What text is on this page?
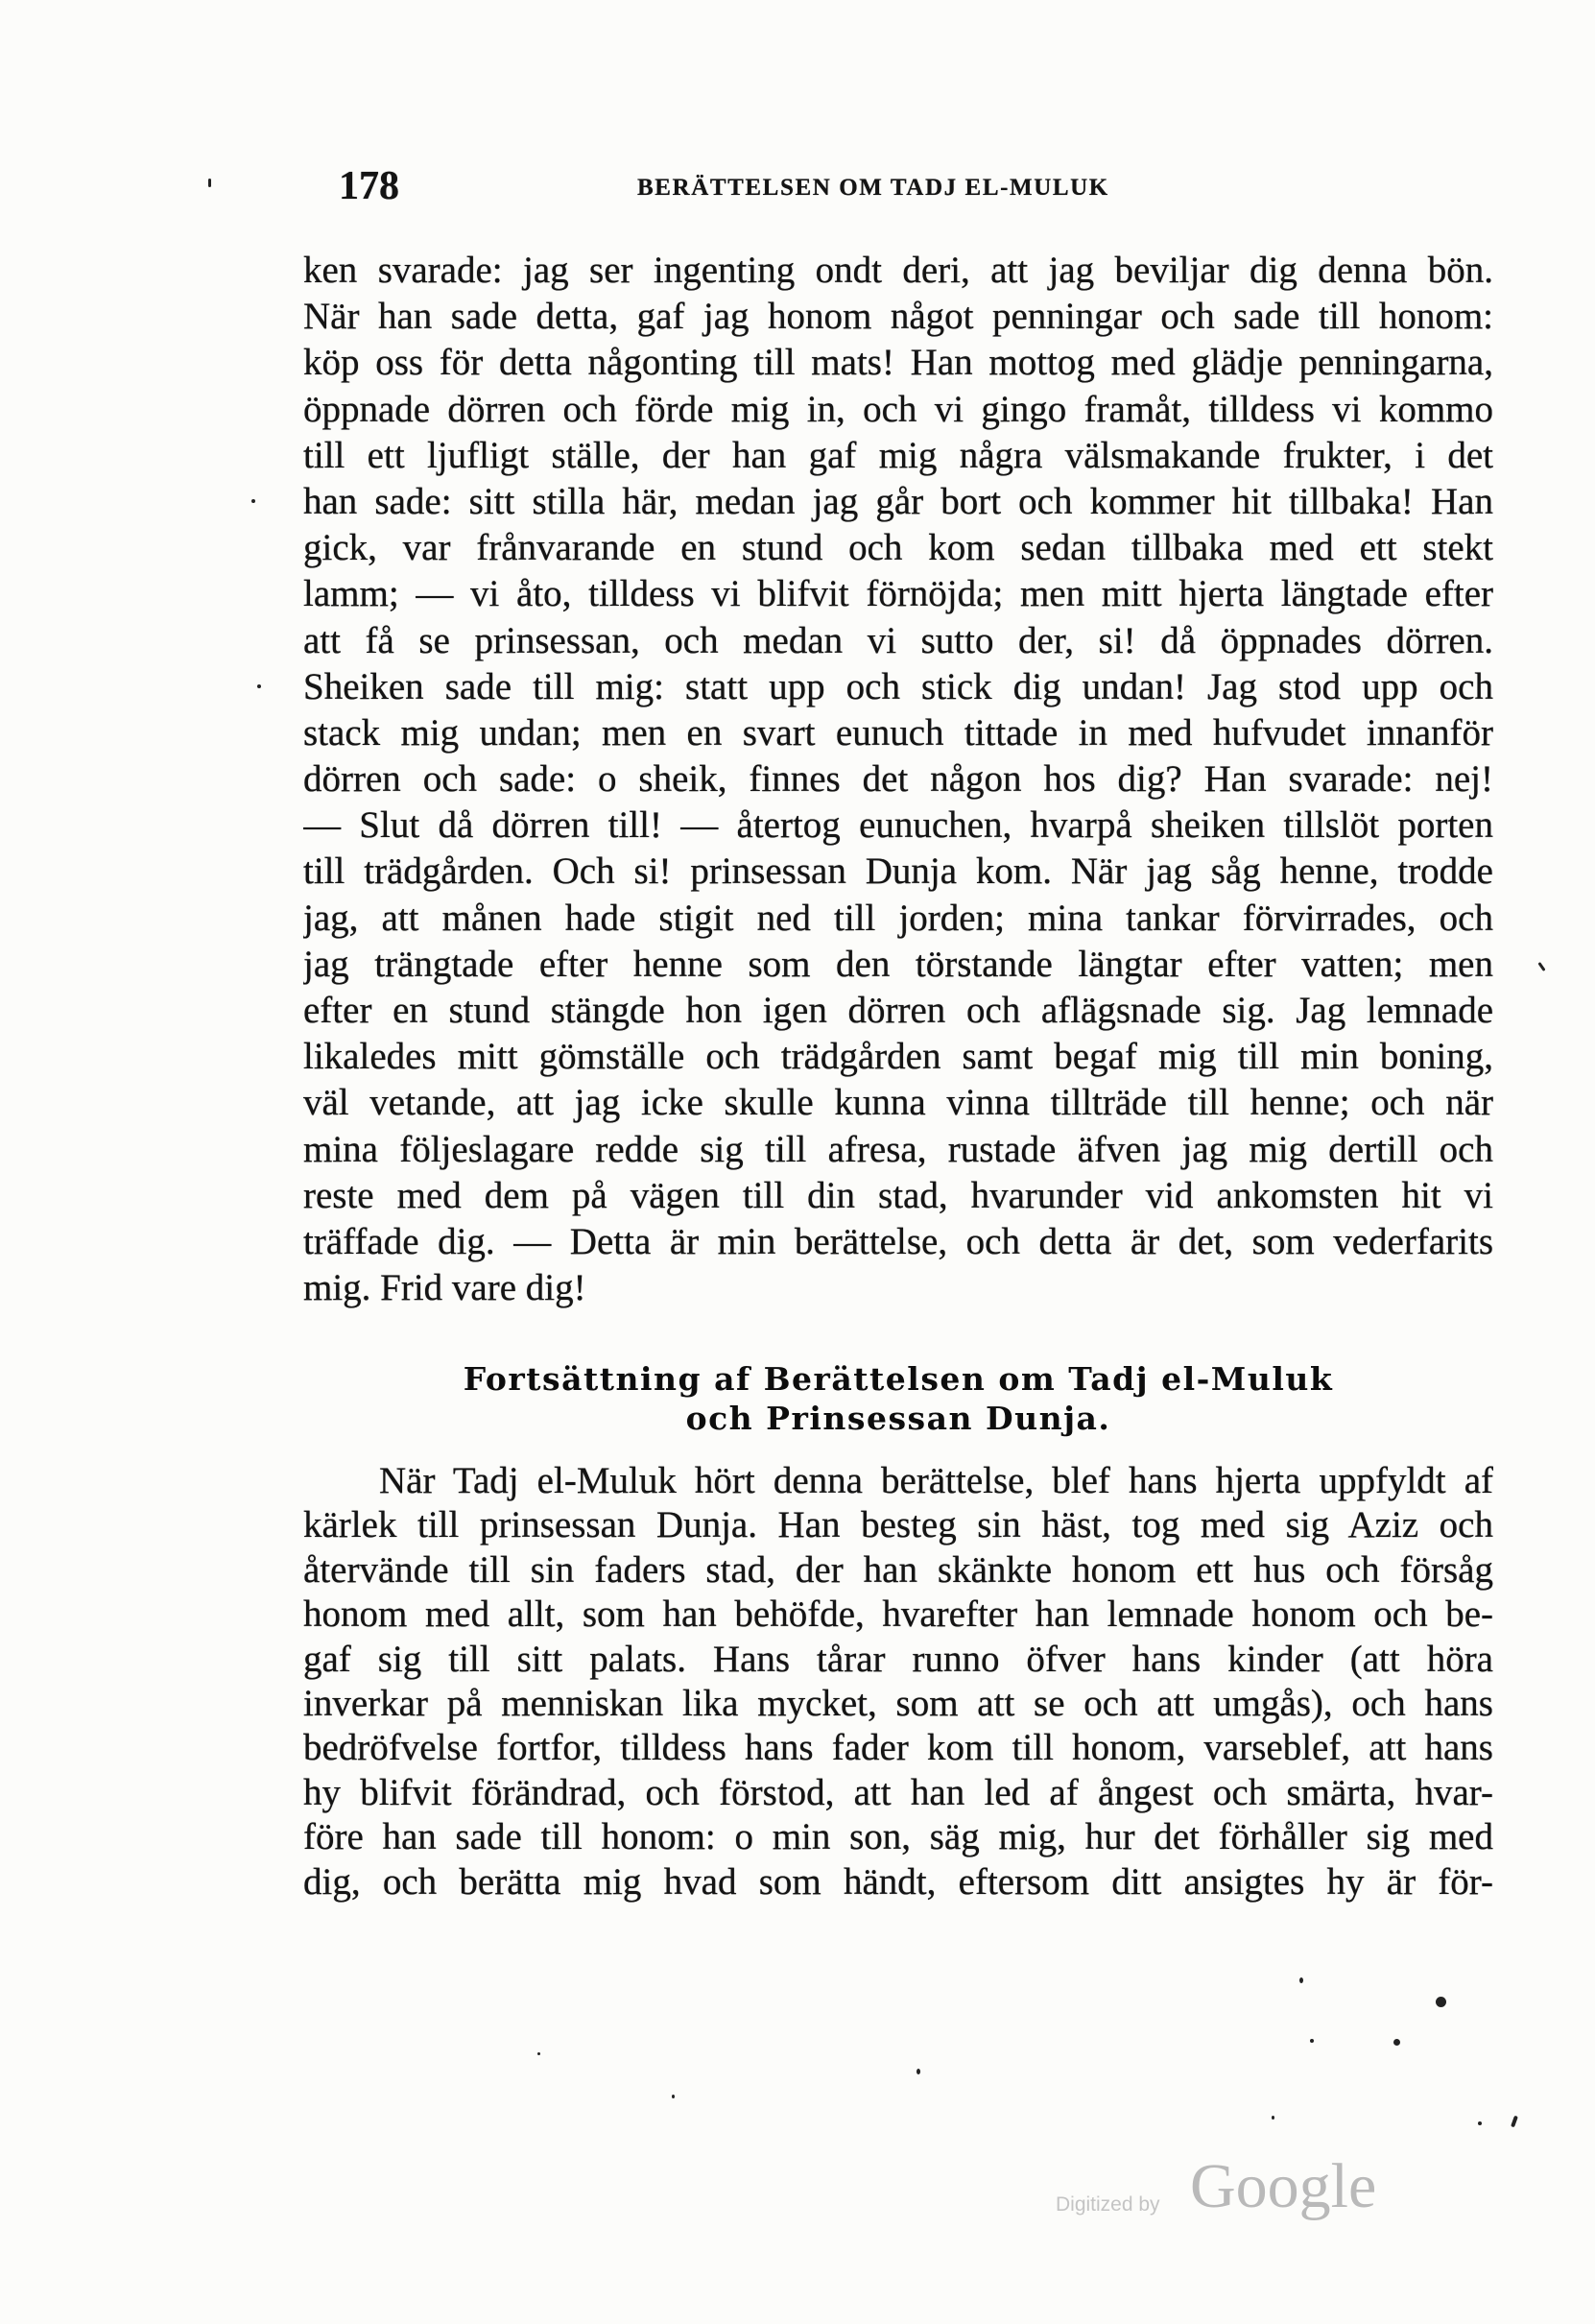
178	BERÄTTELSEN OM TADJ EL-MULUK
ken svarade: jag ser ingenting ondt deri, att jag beviljar dig denna bön.
När han sade detta, gaf jag honom något penningar och sade till honom:
köp oss för detta någonting till mats! Han mottog med glädje penningarna,
öppnade dörren och förde mig in, och vi gingo framåt, tilldess vi kommo
till ett ljufligt ställe, der han gaf mig några välsmakande frukter, i det
han sade: sitt stilla här, medan jag går bort och kommer hit tillbaka! Han
gick, var frånvarande en stund och kom sedan tillbaka med ett stekt
lamm; — vi åto, tilldess vi blifvit förnöjda; men mitt hjerta längtade efter
att få se prinsessan, och medan vi sutto der, si! då öppnades dörren.
Sheiken sade till mig: statt upp och stick dig undan! Jag stod upp och
stack mig undan; men en svart eunuch tittade in med hufvudet innanför
dörren och sade: o sheik, finnes det någon hos dig? Han svarade: nej!
— Slut då dörren till! — återtog eunuchen, hvarpå sheiken tillslöt porten
till trädgården. Och si! prinsessan Dunja kom. När jag såg henne, trodde
jag, att månen hade stigit ned till jorden; mina tankar förvirrades, och
jag trängtade efter henne som den törstande längtar efter vatten; men
efter en stund stängde hon igen dörren och aflägsnade sig. Jag lemnade
likaledes mitt gömställe och trädgården samt begaf mig till min boning,
väl vetande, att jag icke skulle kunna vinna tillträde till henne; och när
mina följeslagare redde sig till afresa, rustade äfven jag mig dertill och
reste med dem på vägen till din stad, hvarunder vid ankomsten hit vi
träffade dig. — Detta är min berättelse, och detta är det, som vederfarits
mig. Frid vare dig!
Fortsättning af Berättelsen om Tadj el-Muluk
och Prinsessan Dunja.
När Tadj el-Muluk hört denna berättelse, blef hans hjerta uppfyldt af
kärlek till prinsessan Dunja. Han besteg sin häst, tog med sig Aziz och
återvände till sin faders stad, der han skänkte honom ett hus och försåg
honom med allt, som han behöfde, hvarefter han lemnade honom och be-
gaf sig till sitt palats. Hans tårar runno öfver hans kinder (att höra
inverkar på menniskan lika mycket, som att se och att umgås), och hans
bedröfvelse fortfor, tilldess hans fader kom till honom, varseblef, att hans
hy blifvit förändrad, och förstod, att han led af ångest och smärta, hvar-
före han sade till honom: o min son, säg mig, hur det förhåller sig med
dig, och berätta mig hvad som händt, eftersom ditt ansigtes hy är för-
Digitized by Google
